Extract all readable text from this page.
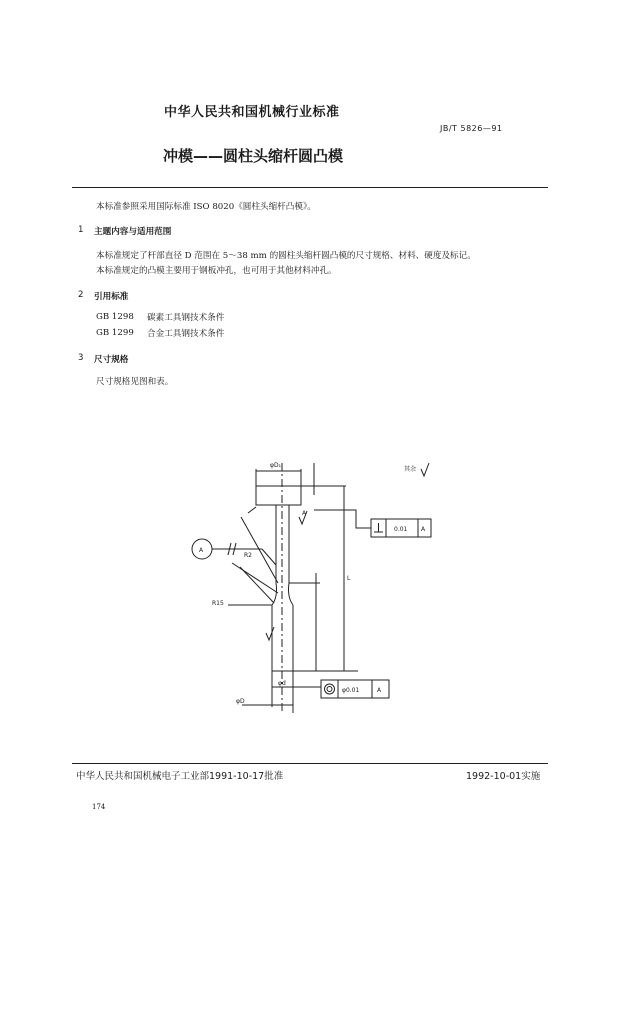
中华人民共和国机械行业标准
JB/T 5826—91
冲模——圆柱头缩杆圆凸模
本标准参照采用国际标准 ISO 8020《圆柱头缩杆凸模》。
1 主题内容与适用范围
本标准规定了杆部直径 D 范围在 5～38 mm 的圆柱头缩杆圆凸模的尺寸规格、材料、硬度及标记。
本标准规定的凸模主要用于钢板冲孔，也可用于其他材料冲孔。
2 引用标准
GB 1298 碳素工具钢技术条件
GB 1299 合金工具钢技术条件
3 尺寸规格
尺寸规格见图和表。
0.01 A
φ0.01	A
φD₁
其余
A
A
R2
R15
φD
φd
L
中华人民共和国机械电子工业部1991-10-17批准	1992-10-01实施
174
